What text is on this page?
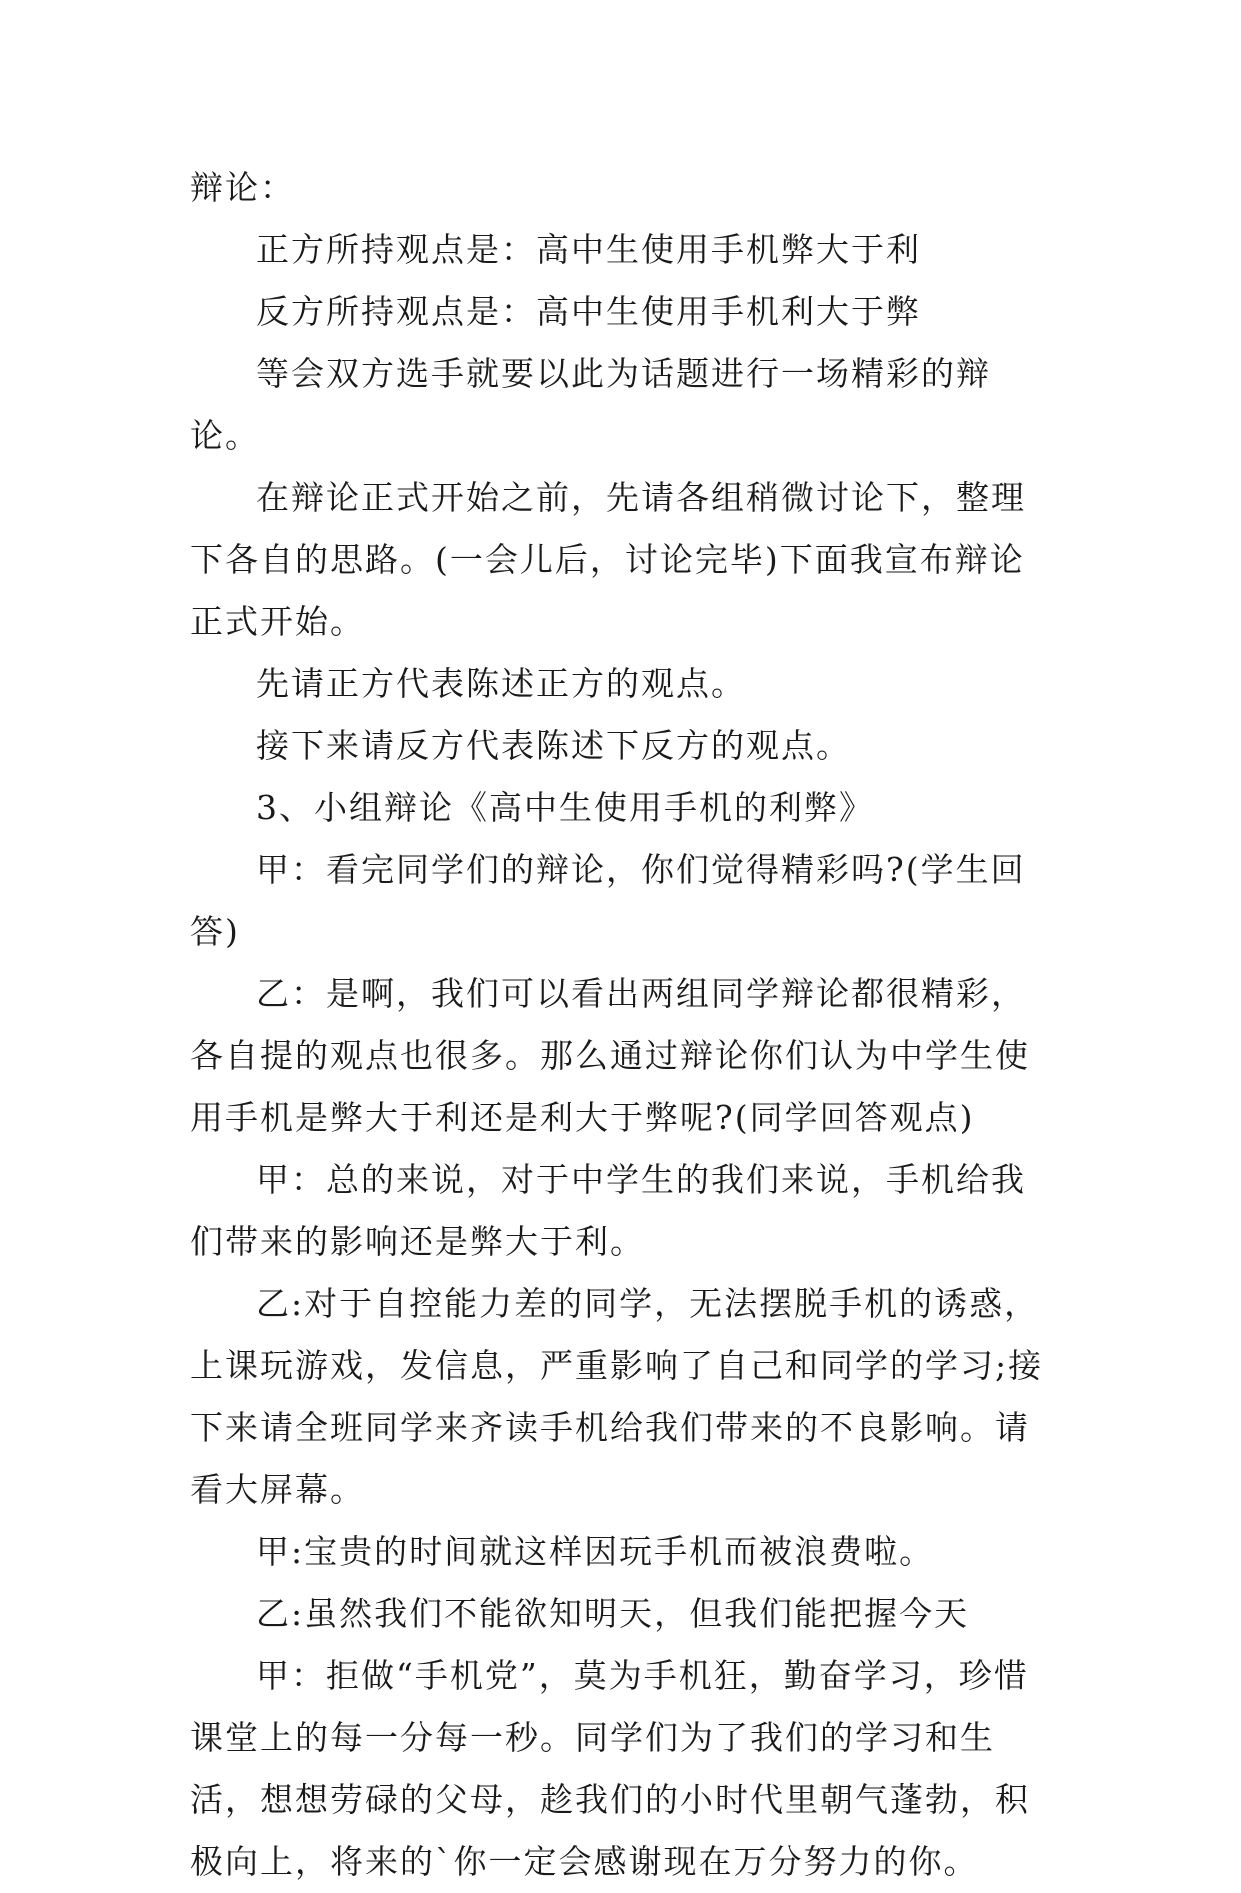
辩论：

正方所持观点是：高中生使用手机弊大于利

反方所持观点是：高中生使用手机利大于弊

等会双方选手就要以此为话题进行一场精彩的辩论。

在辩论正式开始之前，先请各组稍微讨论下，整理下各自的思路。(一会儿后，讨论完毕)下面我宣布辩论正式开始。

先请正方代表陈述正方的观点。

接下来请反方代表陈述下反方的观点。

3、小组辩论《高中生使用手机的利弊》

甲：看完同学们的辩论，你们觉得精彩吗?(学生回答)

乙：是啊，我们可以看出两组同学辩论都很精彩，各自提的观点也很多。那么通过辩论你们认为中学生使用手机是弊大于利还是利大于弊呢?(同学回答观点)

甲：总的来说，对于中学生的我们来说，手机给我们带来的影响还是弊大于利。

乙:对于自控能力差的同学，无法摆脱手机的诱惑，上课玩游戏，发信息，严重影响了自己和同学的学习;接下来请全班同学来齐读手机给我们带来的不良影响。请看大屏幕。

甲:宝贵的时间就这样因玩手机而被浪费啦。

乙:虽然我们不能欲知明天，但我们能把握今天

甲：拒做“手机党”，莫为手机狂，勤奋学习，珍惜课堂上的每一分每一秒。同学们为了我们的学习和生活，想想劳碌的父母，趁我们的小时代里朝气蓬勃，积极向上，将来的`你一定会感谢现在万分努力的你。
